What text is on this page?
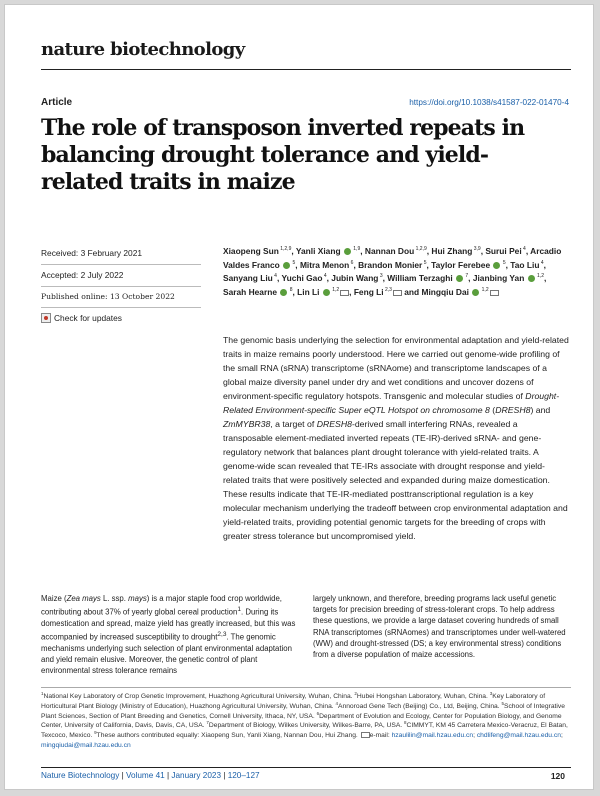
nature biotechnology
Article	https://doi.org/10.1038/s41587-022-01470-4
The role of transposon inverted repeats in balancing drought tolerance and yield-related traits in maize
Received: 3 February 2021
Accepted: 2 July 2022
Published online: 13 October 2022
Check for updates
Xiaopeng Sun $^{1,2,9}$, Yanli Xiang  $^{1,9}$, Nannan Dou $^{1,2,9}$, Hui Zhang $^{3,9}$, Surui Pei $^4$, Arcadio Valdes Franco  $^5$, Mitra Menon $^6$, Brandon Monier $^5$, Taylor Ferebee  $^5$, Tao Liu $^4$, Sanyang Liu $^4$, Yuchi Gao $^4$, Jubin Wang $^3$, William Terzaghi  $^7$, Jianbing Yan  $^{1,2}$, Sarah Hearne  $^8$, Lin Li  $^{1,2}$ , Feng Li $^{2,3}$ and Mingqiu Dai  $^{1,2}$

The genomic basis underlying the selection for environmental adaptation and yield-related traits in maize remains poorly understood. Here we carried out genome-wide profiling of the small RNA (sRNA) transcriptome (sRNAome) and transcriptome landscapes of a global maize diversity panel under dry and wet conditions and uncover dozens of environment-specific regulatory hotspots. Transgenic and molecular studies of Drought-Related Environment-specific Super eQTL Hotspot on chromosome 8 (DRESH8) and ZmMYBR38, a target of DRESH8-derived small interfering RNAs, revealed a transposable element-mediated inverted repeats (TE-IR)-derived sRNA- and gene-regulatory network that balances plant drought tolerance with yield-related traits. A genome-wide scan revealed that TE-IRs associate with drought response and yield-related traits that were positively selected and expanded during maize domestication. These results indicate that TE-IR-mediated posttranscriptional regulation is a key molecular mechanism underlying the tradeoff between crop environmental adaptation and yield-related traits, providing potential genomic targets for the breeding of crops with greater stress tolerance but uncompromised yield.

Maize (Zea mays L. ssp. mays) is a major staple food crop worldwide, contributing about 37% of yearly global cereal production$^1$. During its domestication and spread, maize yield has greatly increased, but this was accompanied by increased susceptibility to drought$^{2,3}$. The genomic mechanisms underlying such selection of plant environmental adaptation and yield remain elusive. Moreover, the genetic control of plant environmental stress tolerance remains

largely unknown, and therefore, breeding programs lack useful genetic targets for precision breeding of stress-tolerant crops. To help address these questions, we provide a large dataset covering hundreds of small RNA transcriptomes (sRNAomes) and transcriptomes under well-watered (WW) and drought-stressed (DS; a key environmental stress) conditions from a diverse population of maize accessions.

$^1$National Key Laboratory of Crop Genetic Improvement, Huazhong Agricultural University, Wuhan, China. $^2$Hubei Hongshan Laboratory, Wuhan, China. $^3$Key Laboratory of Horticultural Plant Biology (Ministry of Education), Huazhong Agricultural University, Wuhan, China. $^4$Annoroad Gene Tech (Beijing) Co., Ltd, Beijing, China. $^5$School of Integrative Plant Sciences, Section of Plant Breeding and Genetics, Cornell University, Ithaca, NY, USA. $^6$Department of Evolution and Ecology, Center for Population Biology, and Genome Center, University of California, Davis, Davis, CA, USA. $^7$Department of Biology, Wilkes University, Wilkes-Barre, PA, USA. $^8$CIMMYT, KM 45 Carretera Mexico-Veracruz, El Batan, Texcoco, Mexico. $^9$These authors contributed equally: Xiaopeng Sun, Yanli Xiang, Nannan Dou, Hui Zhang. e-mail: hzaulilin@mail.hzau.edu.cn; chdlifeng@mail.hzau.edu.cn; mingqiudai@mail.hzau.edu.cn

Nature Biotechnology | Volume 41 | January 2023 | 120–127	120
